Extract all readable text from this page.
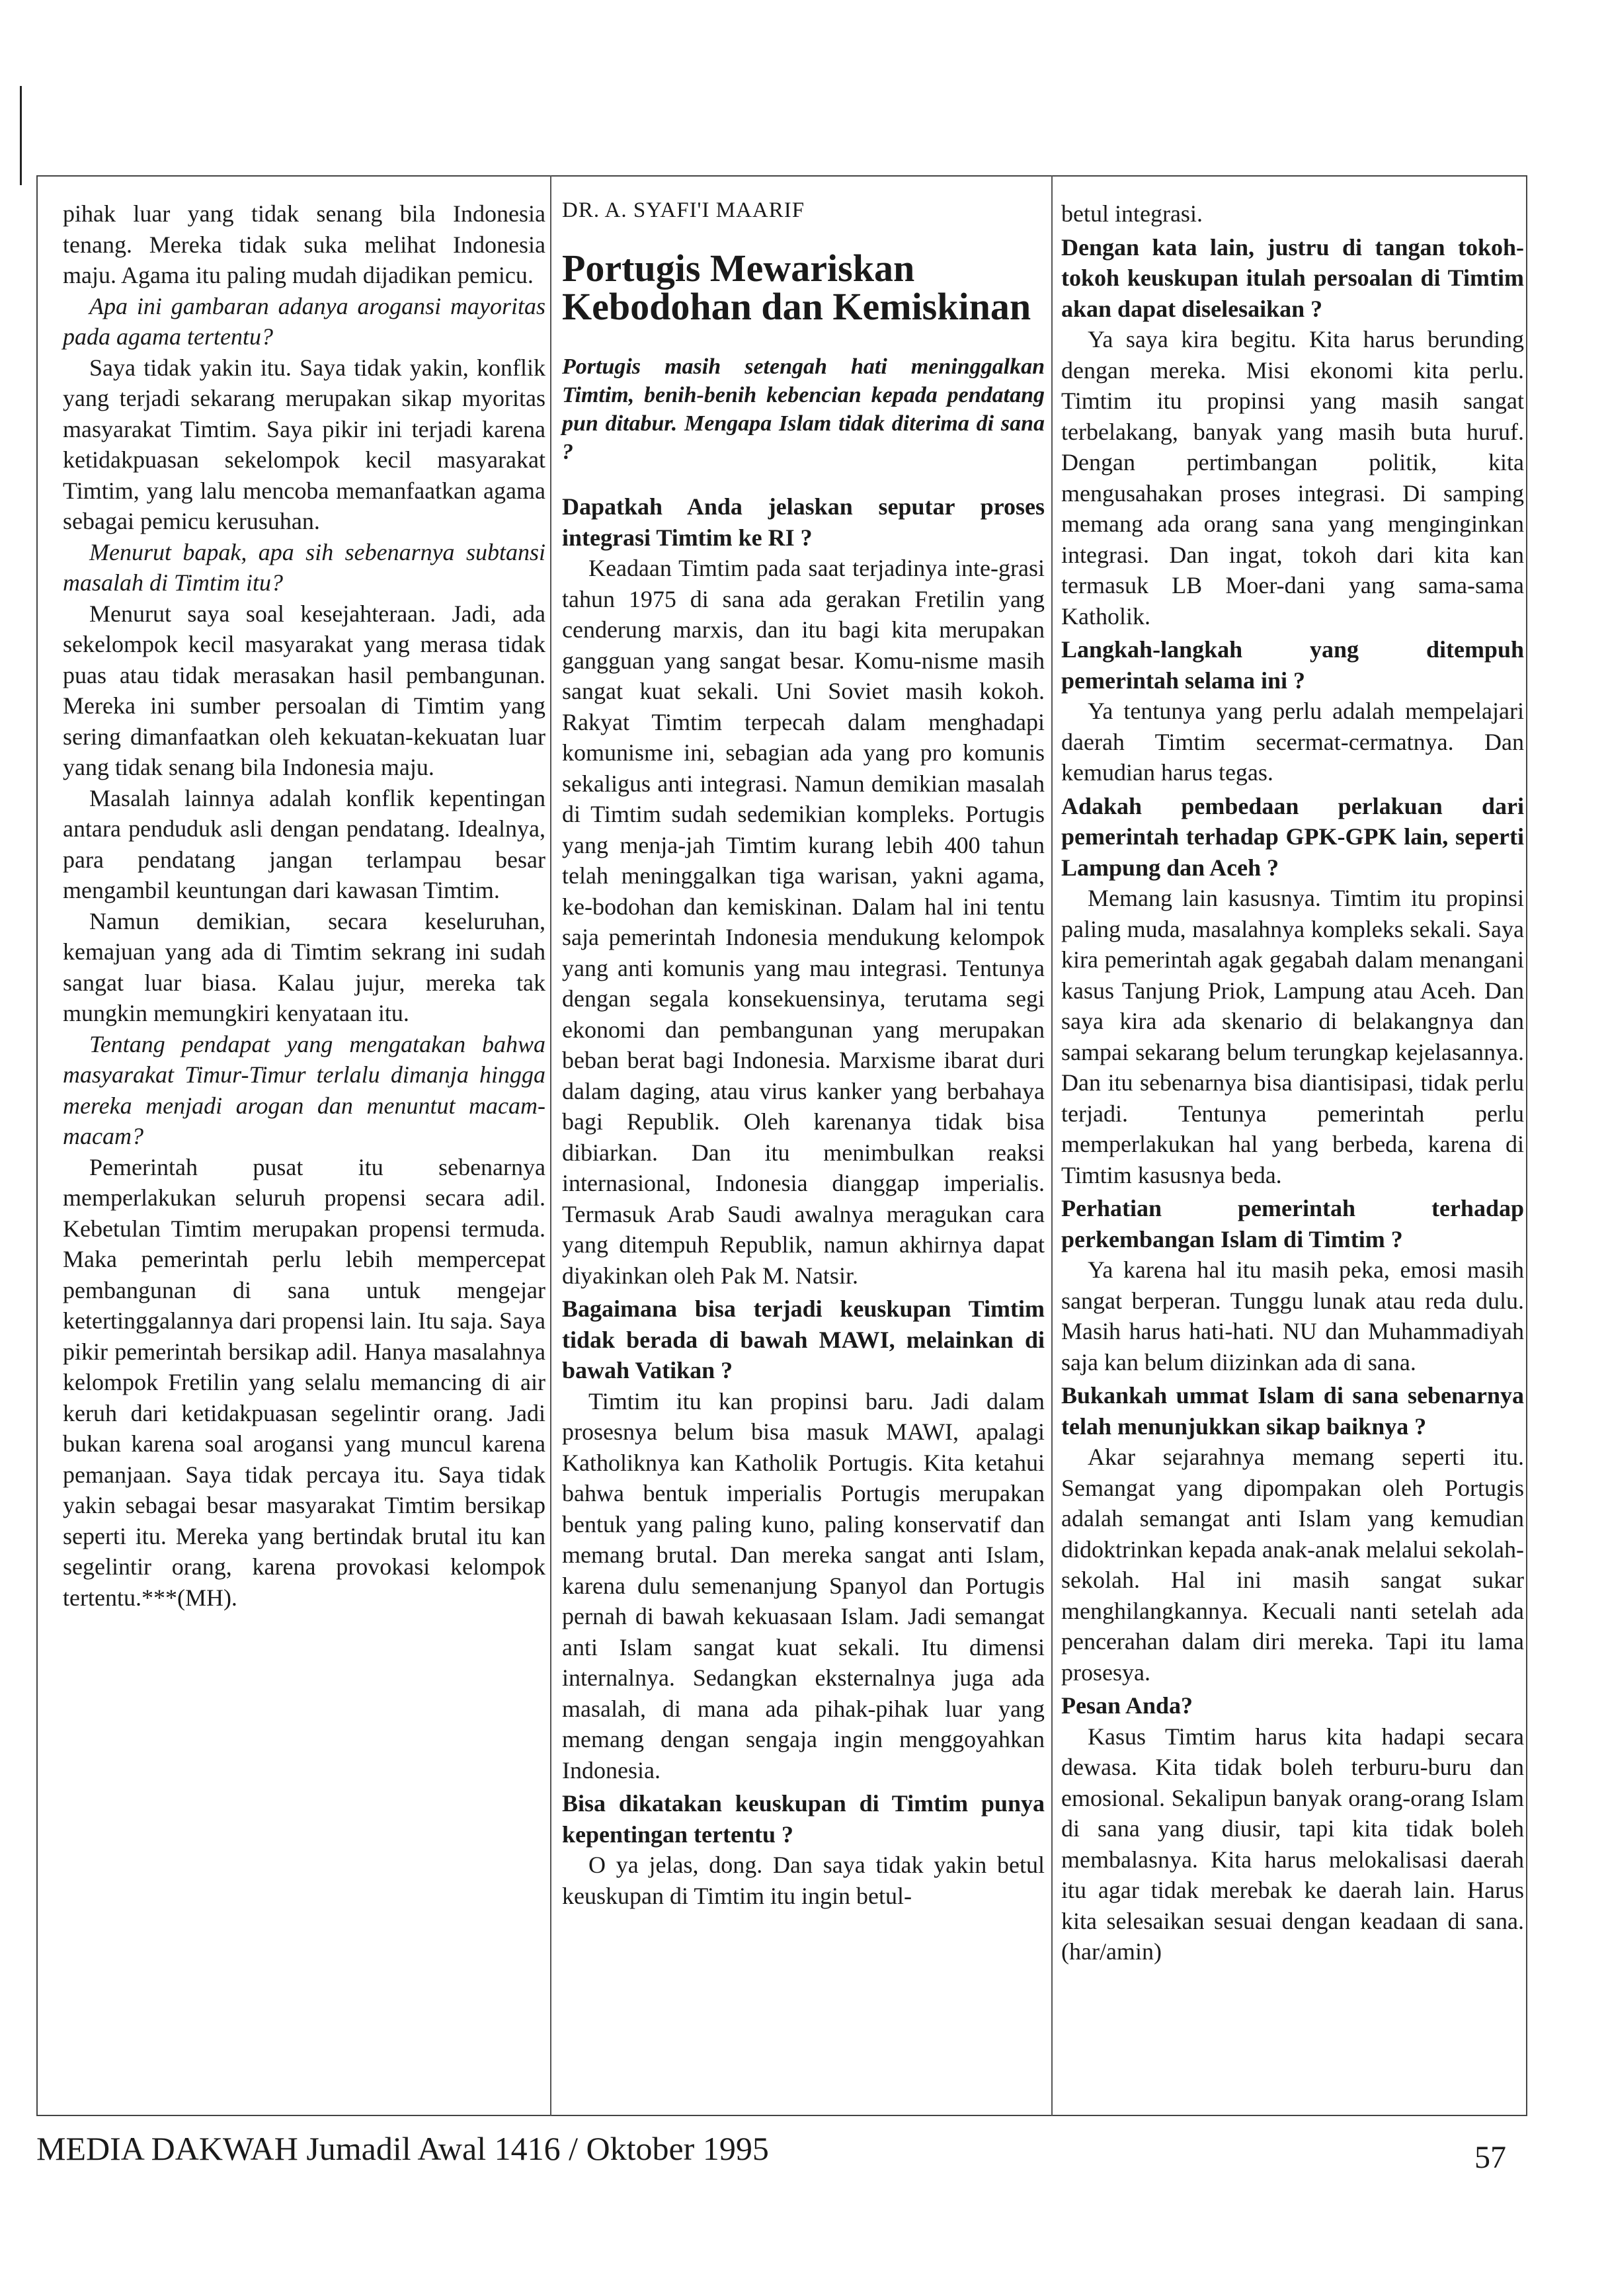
pihak luar yang tidak senang bila Indonesia tenang. Mereka tidak suka melihat Indonesia maju. Agama itu paling mudah dijadikan pemicu.

Apa ini gambaran adanya arogansi mayoritas pada agama tertentu?

Saya tidak yakin itu. Saya tidak yakin, konflik yang terjadi sekarang merupakan sikap myoritas masyarakat Timtim. Saya pikir ini terjadi karena ketidakpuasan sekelompok kecil masyarakat Timtim, yang lalu mencoba memanfaatkan agama sebagai pemicu kerusuhan.

Menurut bapak, apa sih sebenarnya subtansi masalah di Timtim itu?

Menurut saya soal kesejahteraan. Jadi, ada sekelompok kecil masyarakat yang merasa tidak puas atau tidak merasakan hasil pembangunan. Mereka ini sumber persoalan di Timtim yang sering dimanfaatkan oleh kekuatan-kekuatan luar yang tidak senang bila Indonesia maju.

Masalah lainnya adalah konflik kepentingan antara penduduk asli dengan pendatang. Idealnya, para pendatang jangan terlampau besar mengambil keuntungan dari kawasan Timtim.

Namun demikian, secara keseluruhan, kemajuan yang ada di Timtim sekrang ini sudah sangat luar biasa. Kalau jujur, mereka tak mungkin memungkiri kenyataan itu.

Tentang pendapat yang mengatakan bahwa masyarakat Timur-Timur terlalu dimanja hingga mereka menjadi arogan dan menuntut macam-macam?

Pemerintah pusat itu sebenarnya memperlakukan seluruh propensi secara adil. Kebetulan Timtim merupakan propensi termuda. Maka pemerintah perlu lebih mempercepat pembangunan di sana untuk mengejar ketertinggalannya dari propensi lain. Itu saja. Saya pikir pemerintah bersikap adil. Hanya masalahnya kelompok Fretilin yang selalu memancing di air keruh dari ketidakpuasan segelintir orang. Jadi bukan karena soal arogansi yang muncul karena pemanjaan. Saya tidak percaya itu. Saya tidak yakin sebagai besar masyarakat Timtim bersikap seperti itu. Mereka yang bertindak brutal itu kan segelintir orang, karena provokasi kelompok tertentu.***(MH).

DR. A. SYAFI'I MAARIF

Portugis Mewariskan Kebodohan dan Kemiskinan

Portugis masih setengah hati meninggalkan Timtim, benih-benih kebencian kepada pendatang pun ditabur. Mengapa Islam tidak diterima di sana ?

Dapatkah Anda jelaskan seputar proses integrasi Timtim ke RI ?

Keadaan Timtim pada saat terjadinya inte-grasi tahun 1975 di sana ada gerakan Fretilin yang cenderung marxis, dan itu bagi kita merupakan gangguan yang sangat besar. Komu-nisme masih sangat kuat sekali. Uni Soviet masih kokoh. Rakyat Timtim terpecah dalam menghadapi komunisme ini, sebagian ada yang pro komunis sekaligus anti integrasi. Namun demikian masalah di Timtim sudah sedemikian kompleks. Portugis yang menja-jah Timtim kurang lebih 400 tahun telah meninggalkan tiga warisan, yakni agama, ke-bodohan dan kemiskinan. Dalam hal ini tentu saja pemerintah Indonesia mendukung kelompok yang anti komunis yang mau integrasi. Tentunya dengan segala konsekuensinya, terutama segi ekonomi dan pembangunan yang merupakan beban berat bagi Indonesia. Marxisme ibarat duri dalam daging, atau virus kanker yang berbahaya bagi Republik. Oleh karenanya tidak bisa dibiarkan. Dan itu menimbulkan reaksi internasional, Indonesia dianggap imperialis. Termasuk Arab Saudi awalnya meragukan cara yang ditempuh Republik, namun akhirnya dapat diyakinkan oleh Pak M. Natsir.

Bagaimana bisa terjadi keuskupan Timtim tidak berada di bawah MAWI, melainkan di bawah Vatikan ?

Timtim itu kan propinsi baru. Jadi dalam prosesnya belum bisa masuk MAWI, apalagi Katholiknya kan Katholik Portugis. Kita ketahui bahwa bentuk imperialis Portugis merupakan bentuk yang paling kuno, paling konservatif dan memang brutal. Dan mereka sangat anti Islam, karena dulu semenanjung Spanyol dan Portugis pernah di bawah kekuasaan Islam. Jadi semangat anti Islam sangat kuat sekali. Itu dimensi internalnya. Sedangkan eksternalnya juga ada masalah, di mana ada pihak-pihak luar yang memang dengan sengaja ingin menggoyahkan Indonesia.

Bisa dikatakan keuskupan di Timtim punya kepentingan tertentu ?

O ya jelas, dong. Dan saya tidak yakin betul keuskupan di Timtim itu ingin betul-

betul integrasi.

Dengan kata lain, justru di tangan tokoh-tokoh keuskupan itulah persoalan di Timtim akan dapat diselesaikan ?

Ya saya kira begitu. Kita harus berunding dengan mereka. Misi ekonomi kita perlu. Timtim itu propinsi yang masih sangat terbelakang, banyak yang masih buta huruf. Dengan pertimbangan politik, kita mengusahakan proses integrasi. Di samping memang ada orang sana yang menginginkan integrasi. Dan ingat, tokoh dari kita kan termasuk LB Moer-dani yang sama-sama Katholik.

Langkah-langkah yang ditempuh pemerintah selama ini ?

Ya tentunya yang perlu adalah mempelajari daerah Timtim secermat-cermatnya. Dan kemudian harus tegas.

Adakah pembedaan perlakuan dari pemerintah terhadap GPK-GPK lain, seperti Lampung dan Aceh ?

Memang lain kasusnya. Timtim itu propinsi paling muda, masalahnya kompleks sekali. Saya kira pemerintah agak gegabah dalam menangani kasus Tanjung Priok, Lampung atau Aceh. Dan saya kira ada skenario di belakangnya dan sampai sekarang belum terungkap kejelasannya. Dan itu sebenarnya bisa diantisipasi, tidak perlu terjadi. Tentunya pemerintah perlu memperlakukan hal yang berbeda, karena di Timtim kasusnya beda.

Perhatian pemerintah terhadap perkembangan Islam di Timtim ?

Ya karena hal itu masih peka, emosi masih sangat berperan. Tunggu lunak atau reda dulu. Masih harus hati-hati. NU dan Muhammadiyah saja kan belum diizinkan ada di sana.

Bukankah ummat Islam di sana sebenarnya telah menunjukkan sikap baiknya ?

Akar sejarahnya memang seperti itu. Semangat yang dipompakan oleh Portugis adalah semangat anti Islam yang kemudian didoktrinkan kepada anak-anak melalui sekolah-sekolah. Hal ini masih sangat sukar menghilangkannya. Kecuali nanti setelah ada pencerahan dalam diri mereka. Tapi itu lama prosesya.

Pesan Anda?

Kasus Timtim harus kita hadapi secara dewasa. Kita tidak boleh terburu-buru dan emosional. Sekalipun banyak orang-orang Islam di sana yang diusir, tapi kita tidak boleh membalasnya. Kita harus melokalisasi daerah itu agar tidak merebak ke daerah lain. Harus kita selesaikan sesuai dengan keadaan di sana. (har/amin)

MEDIA DAKWAH Jumadil Awal 1416 / Oktober 1995	57
